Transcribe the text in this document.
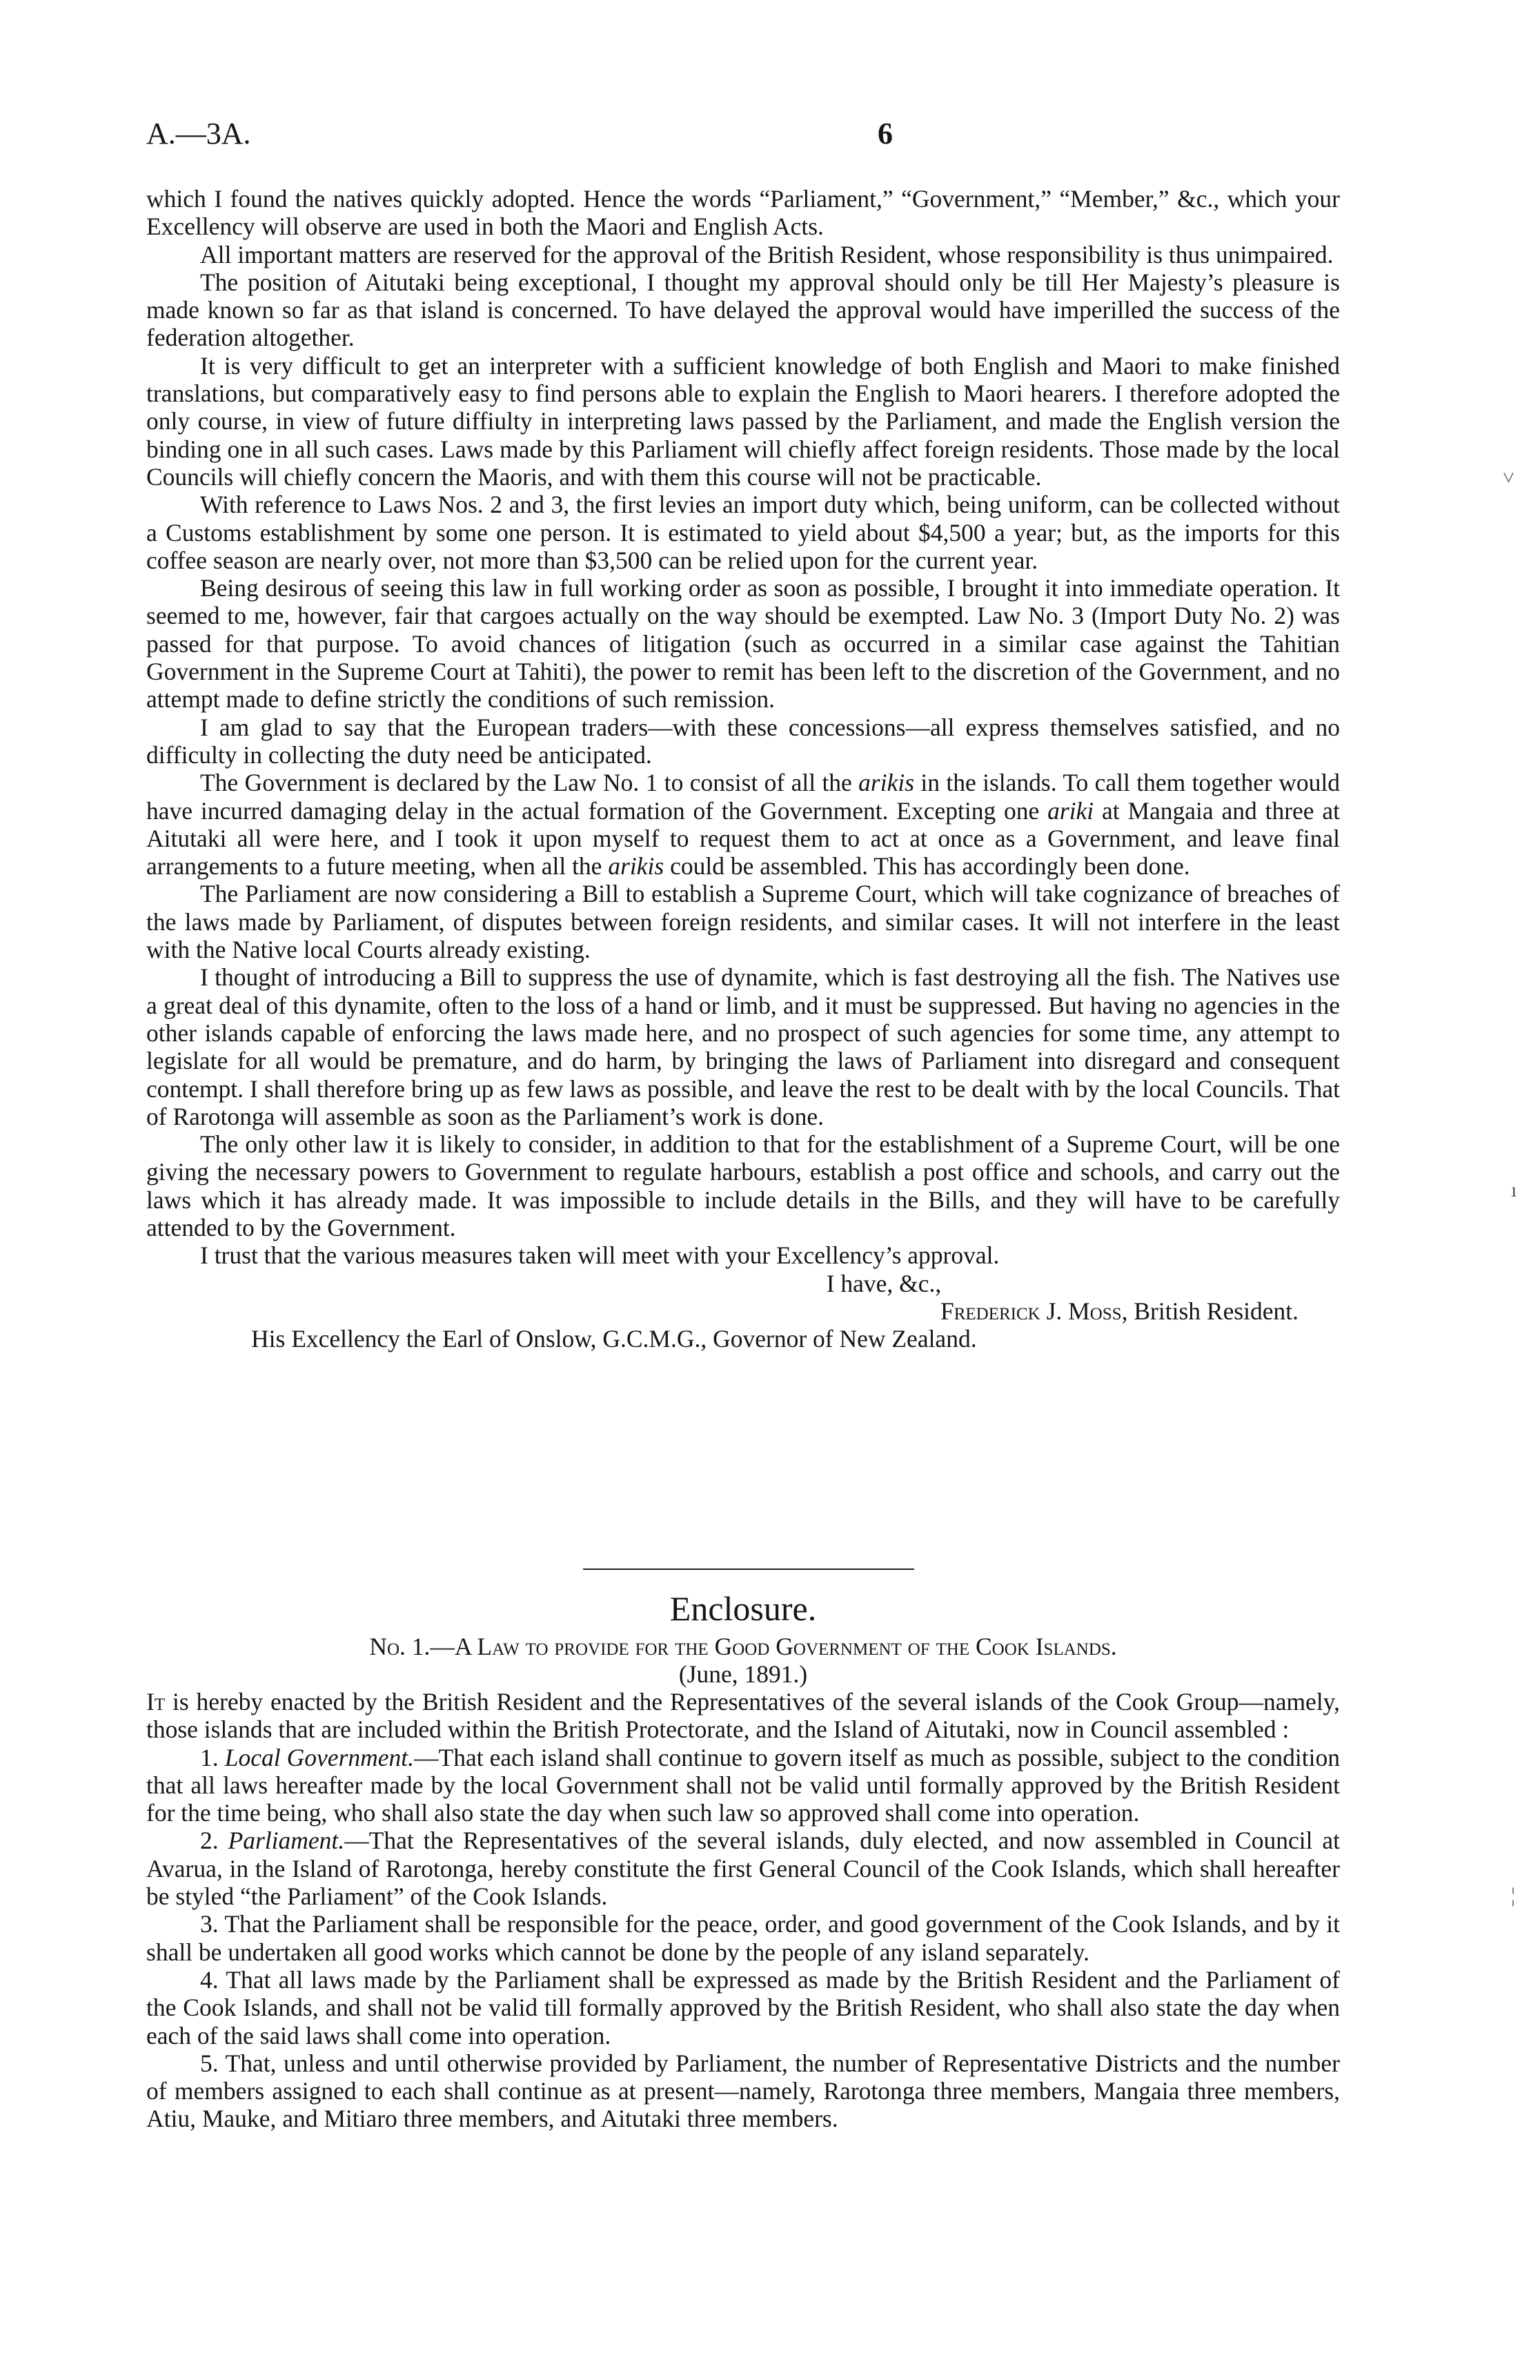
A.—3A.	6

which I found the natives quickly adopted. Hence the words “Parliament,” “Government,” “Member,” &c., which your Excellency will observe are used in both the Maori and English Acts.

All important matters are reserved for the approval of the British Resident, whose responsibility is thus unimpaired.

The position of Aitutaki being exceptional, I thought my approval should only be till Her Majesty’s pleasure is made known so far as that island is concerned. To have delayed the approval would have imperilled the success of the federation altogether.

It is very difficult to get an interpreter with a sufficient knowledge of both English and Maori to make finished translations, but comparatively easy to find persons able to explain the English to Maori hearers. I therefore adopted the only course, in view of future diffiulty in interpreting laws passed by the Parliament, and made the English version the binding one in all such cases. Laws made by this Parliament will chiefly affect foreign residents. Those made by the local Councils will chiefly concern the Maoris, and with them this course will not be practicable.

With reference to Laws Nos. 2 and 3, the first levies an import duty which, being uniform, can be collected without a Customs establishment by some one person. It is estimated to yield about $4,500 a year; but, as the imports for this coffee season are nearly over, not more than $3,500 can be relied upon for the current year.

Being desirous of seeing this law in full working order as soon as possible, I brought it into immediate operation. It seemed to me, however, fair that cargoes actually on the way should be exempted. Law No. 3 (Import Duty No. 2) was passed for that purpose. To avoid chances of litigation (such as occurred in a similar case against the Tahitian Government in the Supreme Court at Tahiti), the power to remit has been left to the discretion of the Government, and no attempt made to define strictly the conditions of such remission.

I am glad to say that the European traders—with these concessions—all express themselves satisfied, and no difficulty in collecting the duty need be anticipated.

The Government is declared by the Law No. 1 to consist of all the arikis in the islands. To call them together would have incurred damaging delay in the actual formation of the Government. Excepting one ariki at Mangaia and three at Aitutaki all were here, and I took it upon myself to request them to act at once as a Government, and leave final arrangements to a future meeting, when all the arikis could be assembled. This has accordingly been done.

The Parliament are now considering a Bill to establish a Supreme Court, which will take cognizance of breaches of the laws made by Parliament, of disputes between foreign residents, and similar cases. It will not interfere in the least with the Native local Courts already existing.

I thought of introducing a Bill to suppress the use of dynamite, which is fast destroying all the fish. The Natives use a great deal of this dynamite, often to the loss of a hand or limb, and it must be suppressed. But having no agencies in the other islands capable of enforcing the laws made here, and no prospect of such agencies for some time, any attempt to legislate for all would be premature, and do harm, by bringing the laws of Parliament into disregard and consequent contempt. I shall therefore bring up as few laws as possible, and leave the rest to be dealt with by the local Councils. That of Rarotonga will assemble as soon as the Parliament’s work is done.

The only other law it is likely to consider, in addition to that for the establishment of a Supreme Court, will be one giving the necessary powers to Government to regulate harbours, establish a post office and schools, and carry out the laws which it has already made. It was impossible to include details in the Bills, and they will have to be carefully attended to by the Government.

I trust that the various measures taken will meet with your Excellency’s approval.

I have, &c.,

Frederick J. Moss, British Resident.

His Excellency the Earl of Onslow, G.C.M.G., Governor of New Zealand.

Enclosure.
No. 1.—A Law to provide for the Good Government of the Cook Islands.
(June, 1891.)

It is hereby enacted by the British Resident and the Representatives of the several islands of the Cook Group—namely, those islands that are included within the British Protectorate, and the Island of Aitutaki, now in Council assembled :

1. Local Government.—That each island shall continue to govern itself as much as possible, subject to the condition that all laws hereafter made by the local Government shall not be valid until formally approved by the British Resident for the time being, who shall also state the day when such law so approved shall come into operation.

2. Parliament.—That the Representatives of the several islands, duly elected, and now assembled in Council at Avarua, in the Island of Rarotonga, hereby constitute the first General Council of the Cook Islands, which shall hereafter be styled “the Parliament” of the Cook Islands.

3. That the Parliament shall be responsible for the peace, order, and good government of the Cook Islands, and by it shall be undertaken all good works which cannot be done by the people of any island separately.

4. That all laws made by the Parliament shall be expressed as made by the British Resident and the Parliament of the Cook Islands, and shall not be valid till formally approved by the British Resident, who shall also state the day when each of the said laws shall come into operation.

5. That, unless and until otherwise provided by Parliament, the number of Representative Districts and the number of members assigned to each shall continue as at present—namely, Rarotonga three members, Mangaia three members, Atiu, Mauke, and Mitiaro three members, and Aitutaki three members.

˅
ı
¦
